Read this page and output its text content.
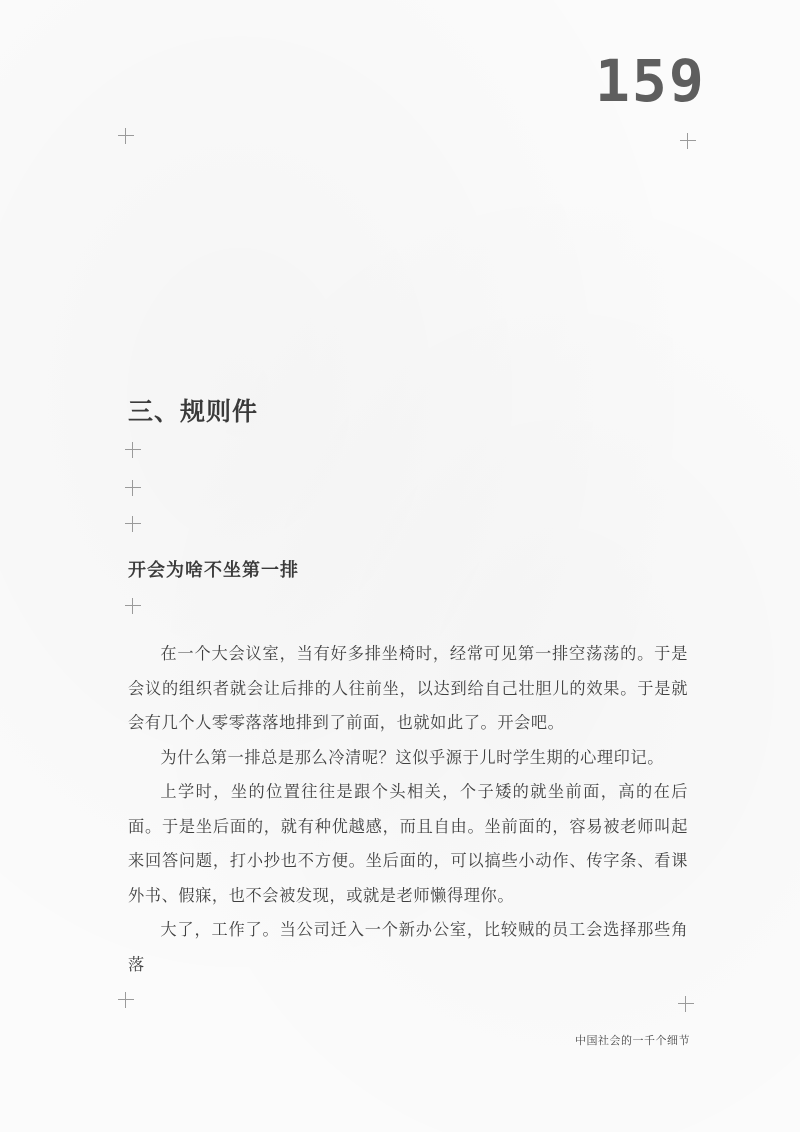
159
三、规则件
开会为啥不坐第一排

在一个大会议室，当有好多排坐椅时，经常可见第一排空荡荡的。于是会议的组织者就会让后排的人往前坐，以达到给自己壮胆儿的效果。于是就会有几个人零零落落地排到了前面，也就如此了。开会吧。

为什么第一排总是那么冷清呢？这似乎源于儿时学生期的心理印记。

上学时，坐的位置往往是跟个头相关，个子矮的就坐前面，高的在后面。于是坐后面的，就有种优越感，而且自由。坐前面的，容易被老师叫起来回答问题，打小抄也不方便。坐后面的，可以搞些小动作、传字条、看课外书、假寐，也不会被发现，或就是老师懒得理你。

大了，工作了。当公司迁入一个新办公室，比较贼的员工会选择那些角落

中国社会的一千个细节
